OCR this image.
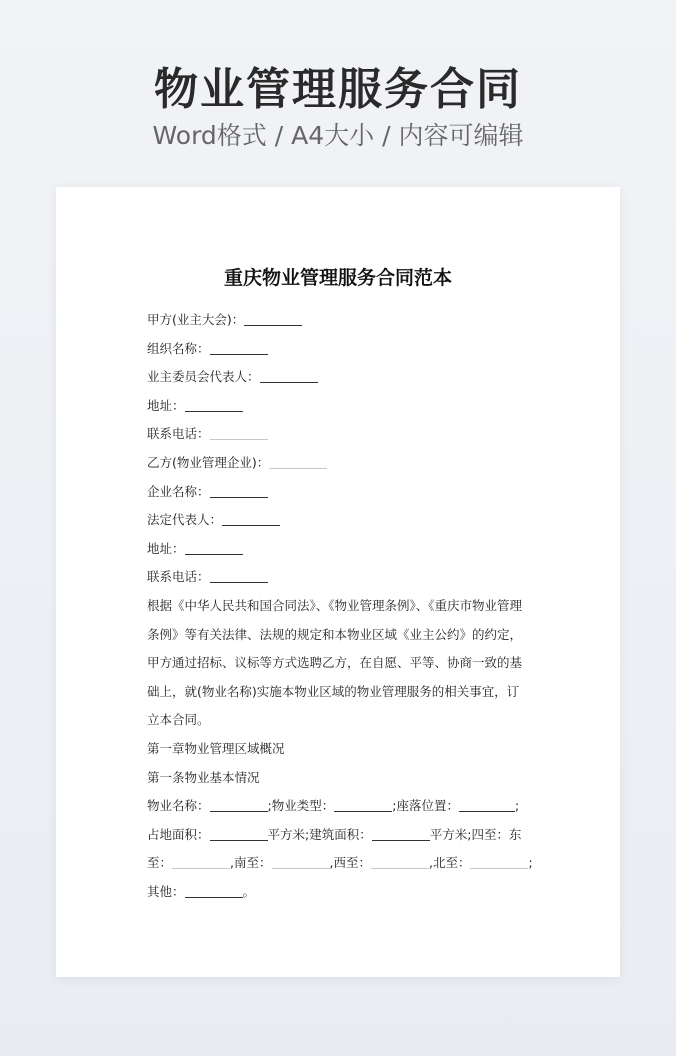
物业管理服务合同
Word格式 / A4大小 / 内容可编辑
重庆物业管理服务合同范本
甲方(业主大会)：
组织名称：
业主委员会代表人：
地址：
联系电话：
乙方(物业管理企业)：
企业名称：
法定代表人：
地址：
联系电话：
根据《中华人民共和国合同法》、《物业管理条例》、《重庆市物业管理条例》等有关法律、法规的规定和本物业区域《业主公约》的约定，甲方通过招标、议标等方式选聘乙方，在自愿、平等、协商一致的基础上，就(物业名称)实施本物业区域的物业管理服务的相关事宜，订立本合同。
第一章物业管理区域概况
第一条物业基本情况
物业名称：	;物业类型：	;座落位置：	;
占地面积：	平方米;建筑面积：	平方米;四至：东
至：	,南至：	,西至：	,北至：	;
其他：	。
